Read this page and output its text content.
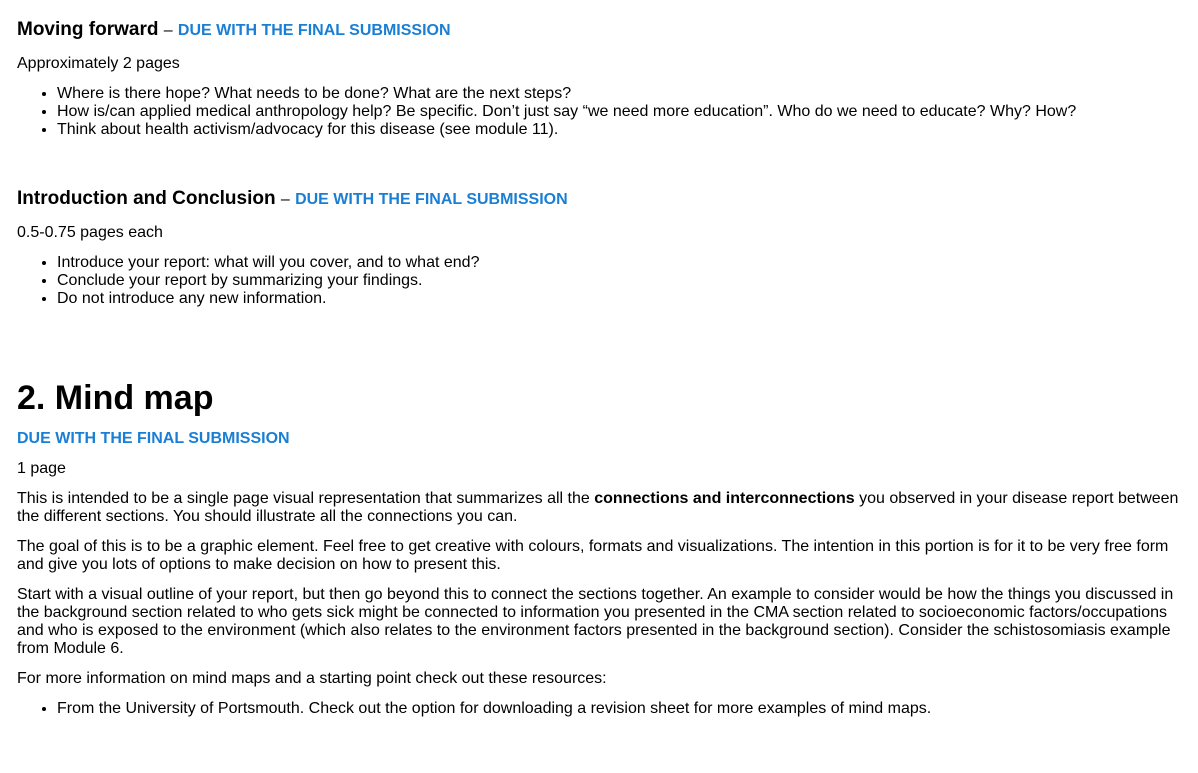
Moving forward – DUE WITH THE FINAL SUBMISSION

Approximately 2 pages

• Where is there hope? What needs to be done? What are the next steps?
• How is/can applied medical anthropology help? Be specific. Don’t just say “we need more education”. Who do we need to educate? Why? How?
• Think about health activism/advocacy for this disease (see module 11).
Introduction and Conclusion – DUE WITH THE FINAL SUBMISSION

0.5-0.75 pages each

• Introduce your report: what will you cover, and to what end?
• Conclude your report by summarizing your findings.
• Do not introduce any new information.
2. Mind map

DUE WITH THE FINAL SUBMISSION

1 page

This is intended to be a single page visual representation that summarizes all the connections and interconnections you observed in your disease report between the different sections. You should illustrate all the connections you can.

The goal of this is to be a graphic element. Feel free to get creative with colours, formats and visualizations. The intention in this portion is for it to be very free form and give you lots of options to make decision on how to present this.

Start with a visual outline of your report, but then go beyond this to connect the sections together. An example to consider would be how the things you discussed in the background section related to who gets sick might be connected to information you presented in the CMA section related to socioeconomic factors/occupations and who is exposed to the environment (which also relates to the environment factors presented in the background section). Consider the schistosomiasis example from Module 6.

For more information on mind maps and a starting point check out these resources:

• From the University of Portsmouth. Check out the option for downloading a revision sheet for more examples of mind maps.
